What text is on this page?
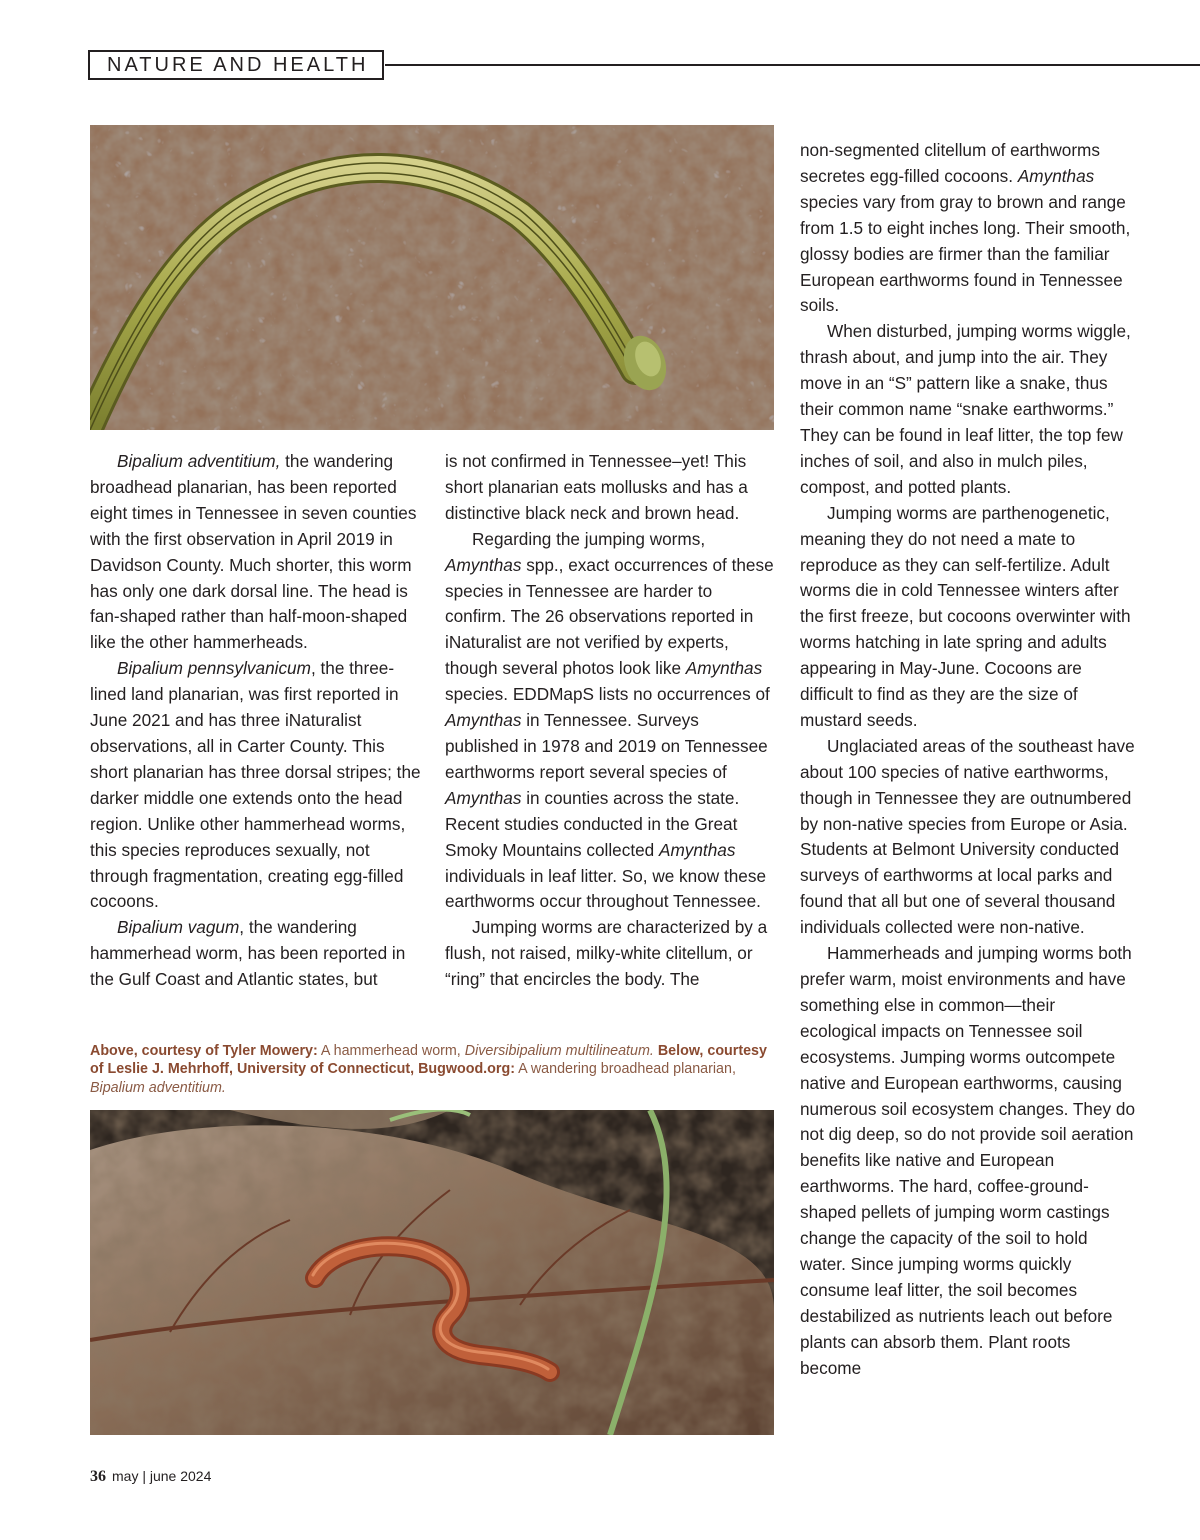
NATURE AND HEALTH

Bipalium adventitium, the wandering broadhead planarian, has been reported eight times in Tennessee in seven counties with the first observation in April 2019 in Davidson County. Much shorter, this worm has only one dark dorsal line. The head is fan-shaped rather than half-moon-shaped like the other hammerheads.

Bipalium pennsylvanicum, the three-lined land planarian, was first reported in June 2021 and has three iNaturalist observations, all in Carter County. This short planarian has three dorsal stripes; the darker middle one extends onto the head region. Unlike other hammerhead worms, this species reproduces sexually, not through fragmentation, creating egg-filled cocoons.

Bipalium vagum, the wandering hammerhead worm, has been reported in the Gulf Coast and Atlantic states, but

is not confirmed in Tennessee–yet! This short planarian eats mollusks and has a distinctive black neck and brown head.

Regarding the jumping worms, Amynthas spp., exact occurrences of these species in Tennessee are harder to confirm. The 26 observations reported in iNaturalist are not verified by experts, though several photos look like Amynthas species. EDDMapS lists no occurrences of Amynthas in Tennessee. Surveys published in 1978 and 2019 on Tennessee earthworms report several species of Amynthas in counties across the state. Recent studies conducted in the Great Smoky Mountains collected Amynthas individuals in leaf litter. So, we know these earthworms occur throughout Tennessee.

Jumping worms are characterized by a flush, not raised, milky-white clitellum, or “ring” that encircles the body. The

non-segmented clitellum of earthworms secretes egg-filled cocoons. Amynthas species vary from gray to brown and range from 1.5 to eight inches long. Their smooth, glossy bodies are firmer than the familiar European earthworms found in Tennessee soils.

When disturbed, jumping worms wiggle, thrash about, and jump into the air. They move in an “S” pattern like a snake, thus their common name “snake earthworms.” They can be found in leaf litter, the top few inches of soil, and also in mulch piles, compost, and potted plants.

Jumping worms are parthenogenetic, meaning they do not need a mate to reproduce as they can self-fertilize. Adult worms die in cold Tennessee winters after the first freeze, but cocoons overwinter with worms hatching in late spring and adults appearing in May-June. Cocoons are difficult to find as they are the size of mustard seeds.

Unglaciated areas of the southeast have about 100 species of native earthworms, though in Tennessee they are outnumbered by non-native species from Europe or Asia. Students at Belmont University conducted surveys of earthworms at local parks and found that all but one of several thousand individuals collected were non-native.

Hammerheads and jumping worms both prefer warm, moist environments and have something else in common—their ecological impacts on Tennessee soil ecosystems. Jumping worms outcompete native and European earthworms, causing numerous soil ecosystem changes. They do not dig deep, so do not provide soil aeration benefits like native and European earthworms. The hard, coffee-ground-shaped pellets of jumping worm castings change the capacity of the soil to hold water. Since jumping worms quickly consume leaf litter, the soil becomes destabilized as nutrients leach out before plants can absorb them. Plant roots become

Above, courtesy of Tyler Mowery: A hammerhead worm, Diversibipalium multilineatum. Below, courtesy of Leslie J. Mehrhoff, University of Connecticut, Bugwood.org: A wandering broadhead planarian, Bipalium adventitium.
36 may | june 2024
